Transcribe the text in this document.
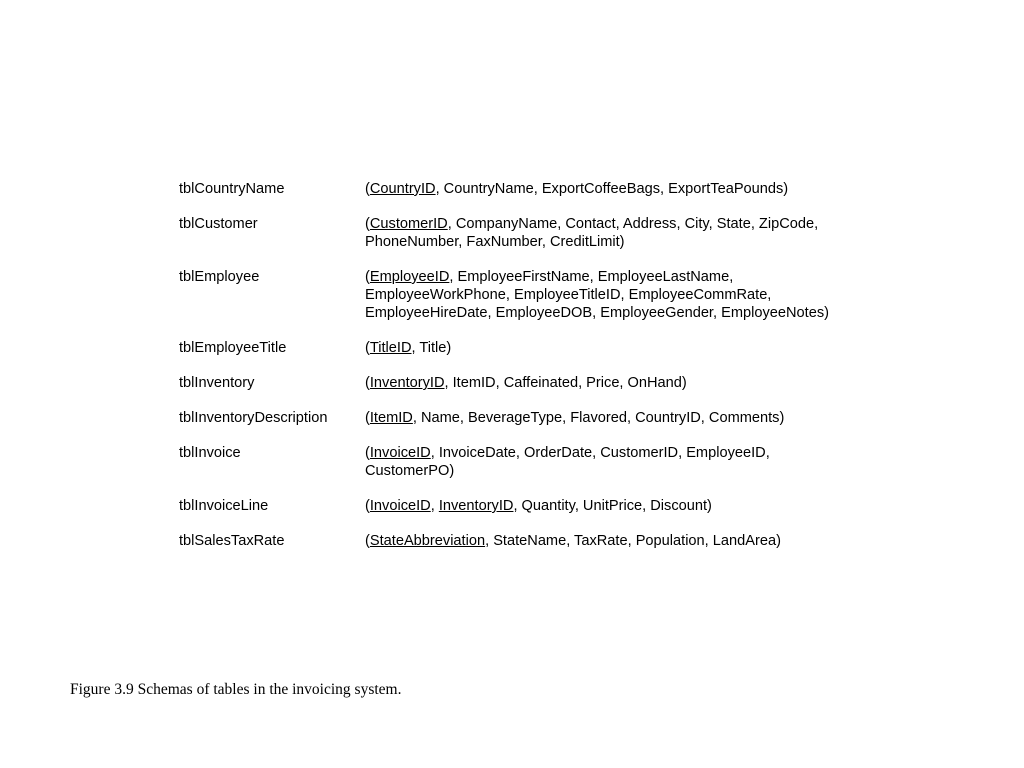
tblCountryName	(CountryID, CountryName, ExportCoffeeBags, ExportTeaPounds)
tblCustomer	(CustomerID, CompanyName, Contact, Address, City, State, ZipCode, PhoneNumber, FaxNumber, CreditLimit)
tblEmployee	(EmployeeID, EmployeeFirstName, EmployeeLastName, EmployeeWorkPhone, EmployeeTitleID, EmployeeCommRate, EmployeeHireDate, EmployeeDOB, EmployeeGender, EmployeeNotes)
tblEmployeeTitle	(TitleID, Title)
tblInventory	(InventoryID, ItemID, Caffeinated, Price, OnHand)
tblInventoryDescription	(ItemID, Name, BeverageType, Flavored, CountryID, Comments)
tblInvoice	(InvoiceID, InvoiceDate, OrderDate, CustomerID, EmployeeID, CustomerPO)
tblInvoiceLine	(InvoiceID, InventoryID, Quantity, UnitPrice, Discount)
tblSalesTaxRate	(StateAbbreviation, StateName, TaxRate, Population, LandArea)
Figure 3.9 Schemas of tables in the invoicing system.
